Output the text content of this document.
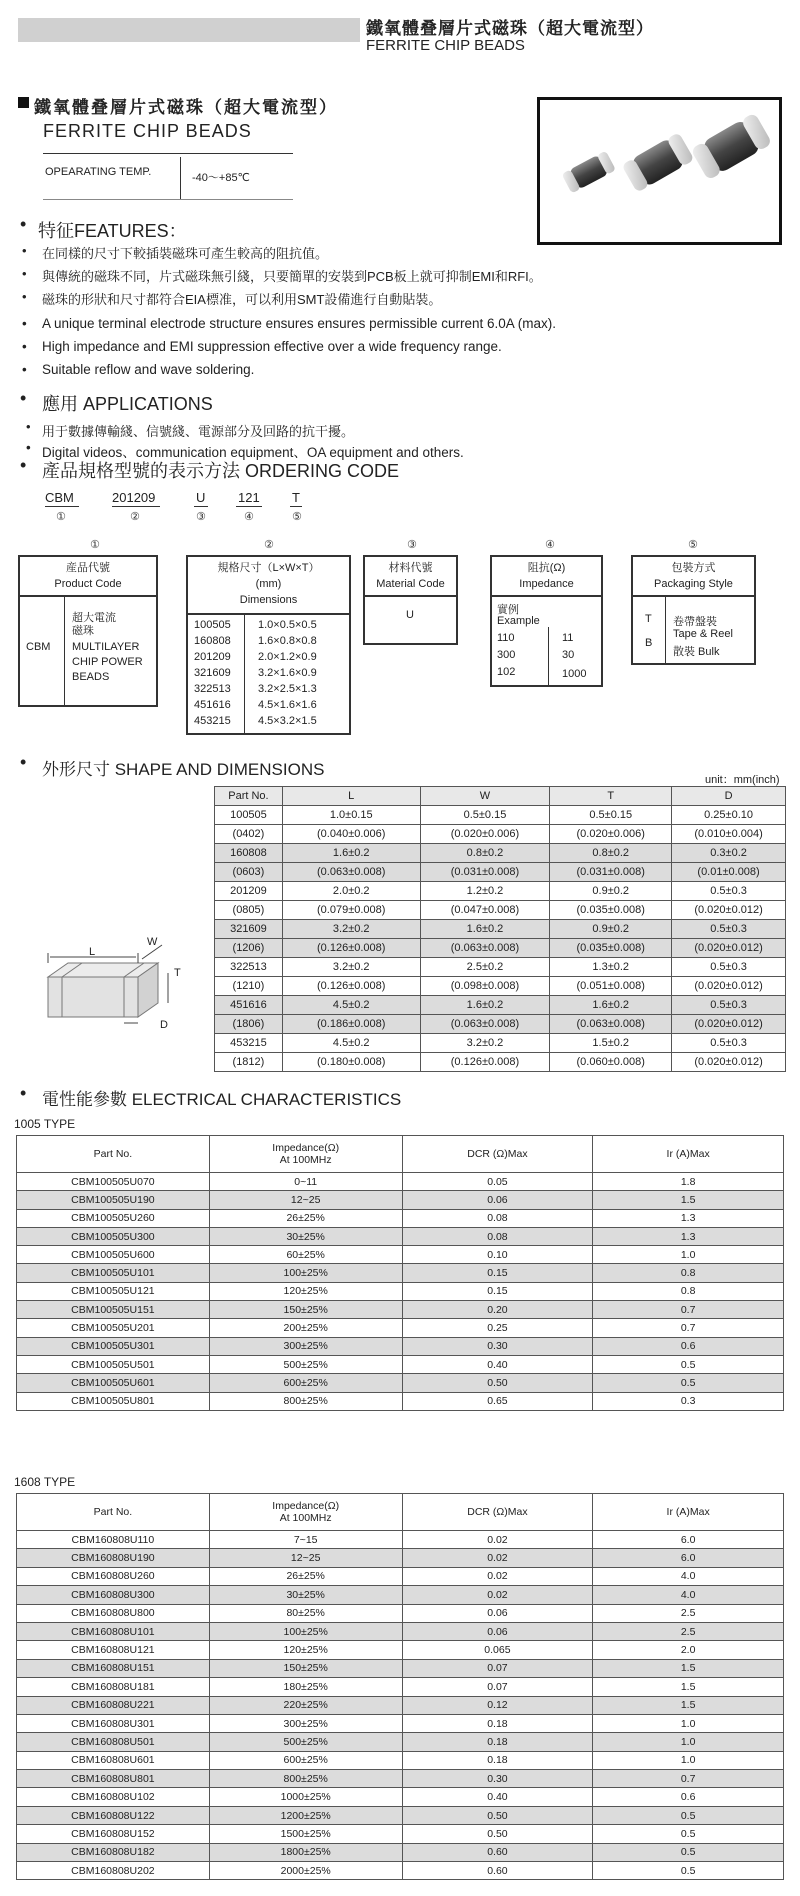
鐵氧體叠層片式磁珠（超大電流型）
FERRITE CHIP BEADS
鐵氧體叠層片式磁珠（超大電流型）
FERRITE CHIP BEADS
OPEARATING TEMP.	-40～+85℃
• 特征FEATURES：
• 在同樣的尺寸下較插裝磁珠可產生較高的阻抗值。
• 與傳統的磁珠不同，片式磁珠無引綫，只要簡單的安裝到PCB板上就可抑制EMI和RFI。
• 磁珠的形狀和尺寸都符合EIA標准，可以利用SMT設備進行自動貼裝。
• A unique terminal electrode structure ensures ensures permissible current 6.0A (max).
• High impedance and EMI suppression effective over a wide frequency range.
• Suitable reflow and wave soldering.
• 應用 APPLICATIONS
• 用于數據傳輸綫、信號綫、電源部分及回路的抗干擾。
• Digital videos、communication equipment、OA equipment and others.
• 產品規格型號的表示方法 ORDERING CODE
CBM	201209	U	121 T
①	②	③	④	⑤
①	②	③	④	⑤
産品代號
Product Code
CBM
超大電流
磁珠
MULTILAYER
CHIP POWER
BEADS
規格尺寸（L×W×T）
(mm)
Dimensions
100505 1.0×0.5×0.5
160808 1.6×0.8×0.8
201209 2.0×1.2×0.9
321609 3.2×1.6×0.9
322513 3.2×2.5×1.3
451616 4.5×1.6×1.6
453215 4.5×3.2×1.5
材料代號
Material Code
U
阻抗(Ω)
Impedance
實例
Example
110	11
300	30
102	1000
包裝方式
Packaging Style
T
B
卷帶盤裝
Tape & Reel
散裝 Bulk
• 外形尺寸 SHAPE AND DIMENSIONS
unit：mm(inch)
L
W
T
D
Part No.	L	W	T	D
100505	1.0±0.15	0.5±0.15	0.5±0.15	0.25±0.10
(0402)	(0.040±0.006)	(0.020±0.006)	(0.020±0.006)	(0.010±0.004)
160808	1.6±0.2	0.8±0.2	0.8±0.2	0.3±0.2
(0603)	(0.063±0.008)	(0.031±0.008)	(0.031±0.008)	(0.01±0.008)
201209	2.0±0.2	1.2±0.2	0.9±0.2	0.5±0.3
(0805)	(0.079±0.008)	(0.047±0.008)	(0.035±0.008)	(0.020±0.012)
321609	3.2±0.2	1.6±0.2	0.9±0.2	0.5±0.3
(1206)	(0.126±0.008)	(0.063±0.008)	(0.035±0.008)	(0.020±0.012)
322513	3.2±0.2	2.5±0.2	1.3±0.2	0.5±0.3
(1210)	(0.126±0.008)	(0.098±0.008)	(0.051±0.008)	(0.020±0.012)
451616	4.5±0.2	1.6±0.2	1.6±0.2	0.5±0.3
(1806)	(0.186±0.008)	(0.063±0.008)	(0.063±0.008)	(0.020±0.012)
453215	4.5±0.2	3.2±0.2	1.5±0.2	0.5±0.3
(1812)	(0.180±0.008)	(0.126±0.008)	(0.060±0.008)	(0.020±0.012)
• 電性能參數 ELECTRICAL CHARACTERISTICS
1005 TYPE
Part No.	Impedance(Ω)
At 100MHz	DCR (Ω)Max	Ir (A)Max
CBM100505U070	0~11	0.05	1.8
CBM100505U190	12~25	0.06	1.5
CBM100505U260	26±25%	0.08	1.3
CBM100505U300	30±25%	0.08	1.3
CBM100505U600	60±25%	0.10	1.0
CBM100505U101	100±25%	0.15	0.8
CBM100505U121	120±25%	0.15	0.8
CBM100505U151	150±25%	0.20	0.7
CBM100505U201	200±25%	0.25	0.7
CBM100505U301	300±25%	0.30	0.6
CBM100505U501	500±25%	0.40	0.5
CBM100505U601	600±25%	0.50	0.5
CBM100505U801	800±25%	0.65	0.3
1608 TYPE
Part No.	Impedance(Ω)
At 100MHz	DCR (Ω)Max	Ir (A)Max
CBM160808U110	7~15	0.02	6.0
CBM160808U190	12~25	0.02	6.0
CBM160808U260	26±25%	0.02	4.0
CBM160808U300	30±25%	0.02	4.0
CBM160808U800	80±25%	0.06	2.5
CBM160808U101	100±25%	0.06	2.5
CBM160808U121	120±25%	0.065	2.0
CBM160808U151	150±25%	0.07	1.5
CBM160808U181	180±25%	0.07	1.5
CBM160808U221	220±25%	0.12	1.5
CBM160808U301	300±25%	0.18	1.0
CBM160808U501	500±25%	0.18	1.0
CBM160808U601	600±25%	0.18	1.0
CBM160808U801	800±25%	0.30	0.7
CBM160808U102	1000±25%	0.40	0.6
CBM160808U122	1200±25%	0.50	0.5
CBM160808U152	1500±25%	0.50	0.5
CBM160808U182	1800±25%	0.60	0.5
CBM160808U202	2000±25%	0.60	0.5
